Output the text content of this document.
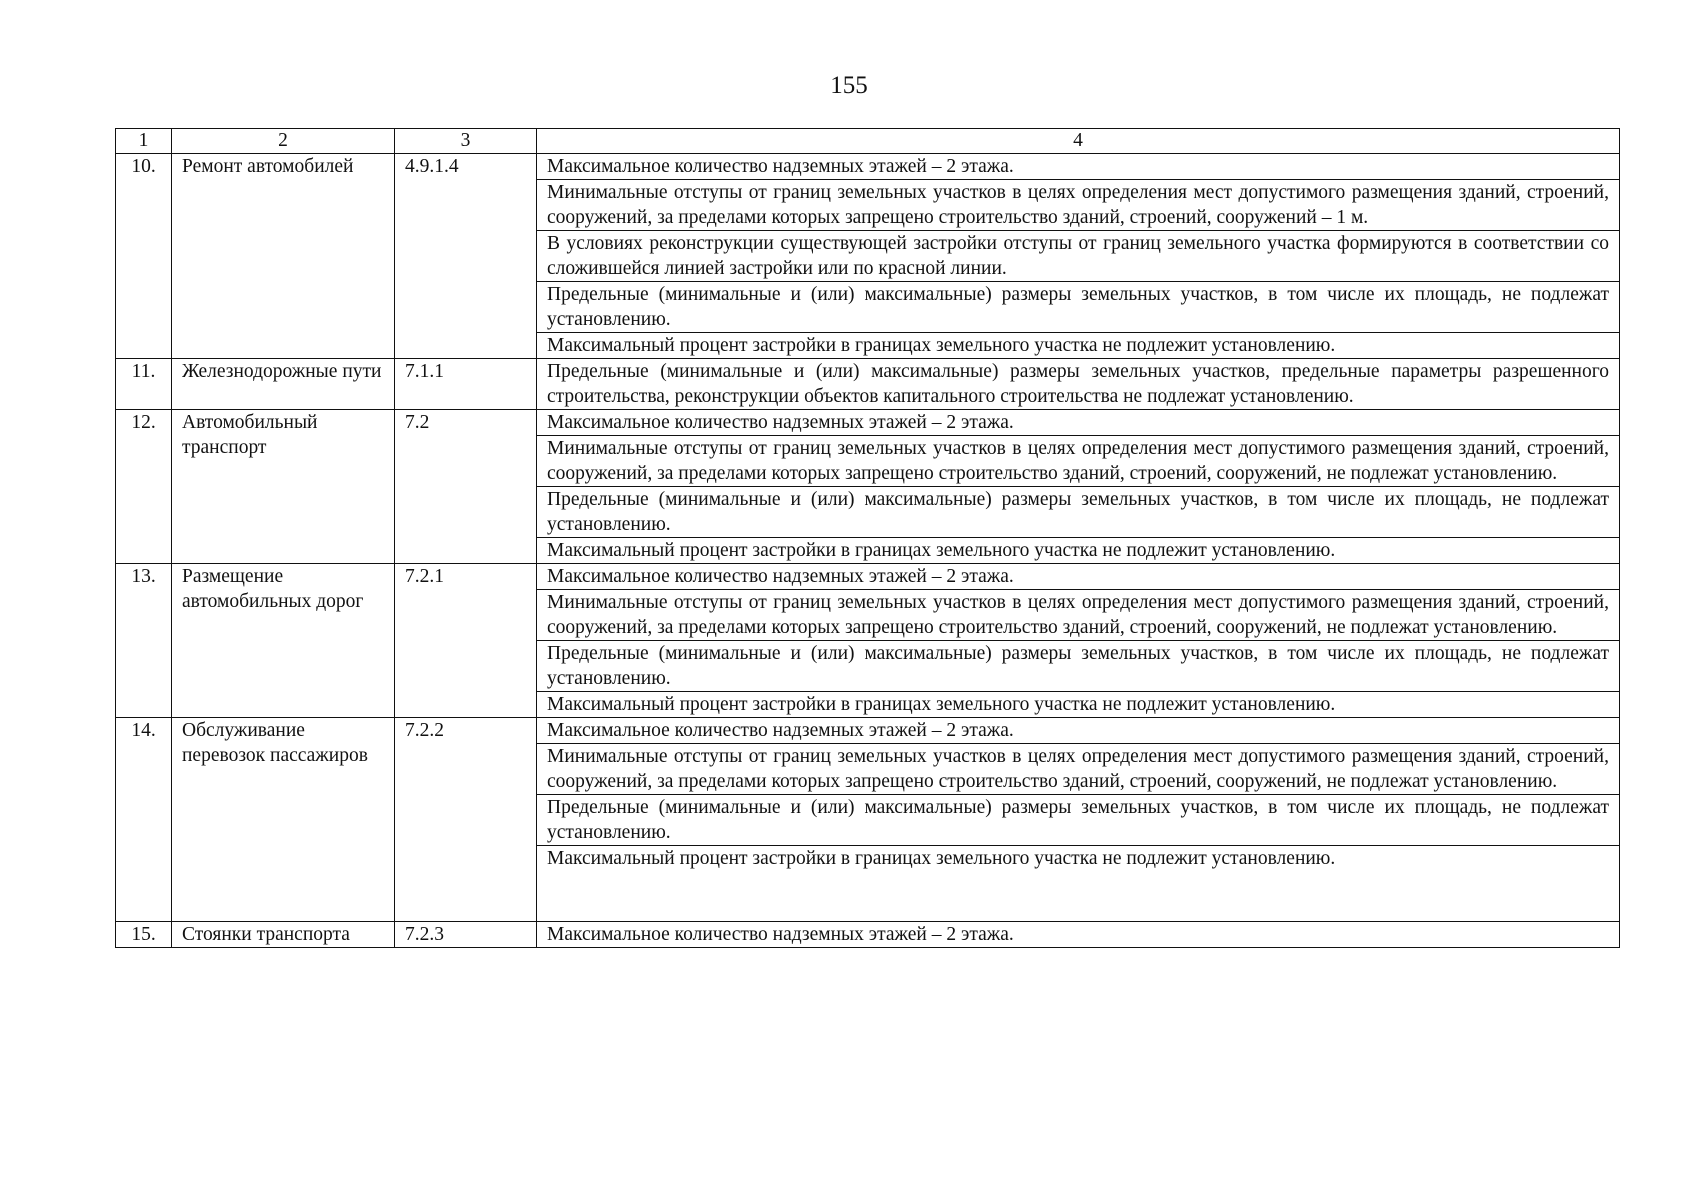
155
1	2	3	4
10.	Ремонт автомобилей	4.9.1.4	Максимальное количество надземных этажей – 2 этажа.
			Минимальные отступы от границ земельных участков в целях определения мест допустимого размещения зданий, строений, сооружений, за пределами которых запрещено строительство зданий, строений, сооружений – 1 м.
			В условиях реконструкции существующей застройки отступы от границ земельного участка формируются в соответствии со сложившейся линией застройки или по красной линии.
			Предельные (минимальные и (или) максимальные) размеры земельных участков, в том числе их площадь, не подлежат установлению.
			Максимальный процент застройки в границах земельного участка не подлежит установлению.
11.	Железнодорожные пути	7.1.1	Предельные (минимальные и (или) максимальные) размеры земельных участков, предельные параметры разрешенного строительства, реконструкции объектов капитального строительства не подлежат установлению.
12.	Автомобильный транспорт	7.2	Максимальное количество надземных этажей – 2 этажа.
			Минимальные отступы от границ земельных участков в целях определения мест допустимого размещения зданий, строений, сооружений, за пределами которых запрещено строительство зданий, строений, сооружений, не подлежат установлению.
			Предельные (минимальные и (или) максимальные) размеры земельных участков, в том числе их площадь, не подлежат установлению.
			Максимальный процент застройки в границах земельного участка не подлежит установлению.
13.	Размещение автомобильных дорог	7.2.1	Максимальное количество надземных этажей – 2 этажа.
			Минимальные отступы от границ земельных участков в целях определения мест допустимого размещения зданий, строений, сооружений, за пределами которых запрещено строительство зданий, строений, сооружений, не подлежат установлению.
			Предельные (минимальные и (или) максимальные) размеры земельных участков, в том числе их площадь, не подлежат установлению.
			Максимальный процент застройки в границах земельного участка не подлежит установлению.
14.	Обслуживание перевозок пассажиров	7.2.2	Максимальное количество надземных этажей – 2 этажа.
			Минимальные отступы от границ земельных участков в целях определения мест допустимого размещения зданий, строений, сооружений, за пределами которых запрещено строительство зданий, строений, сооружений, не подлежат установлению.
			Предельные (минимальные и (или) максимальные) размеры земельных участков, в том числе их площадь, не подлежат установлению.
			Максимальный процент застройки в границах земельного участка не подлежит установлению.

15.	Стоянки транспорта	7.2.3	Максимальное количество надземных этажей – 2 этажа.
